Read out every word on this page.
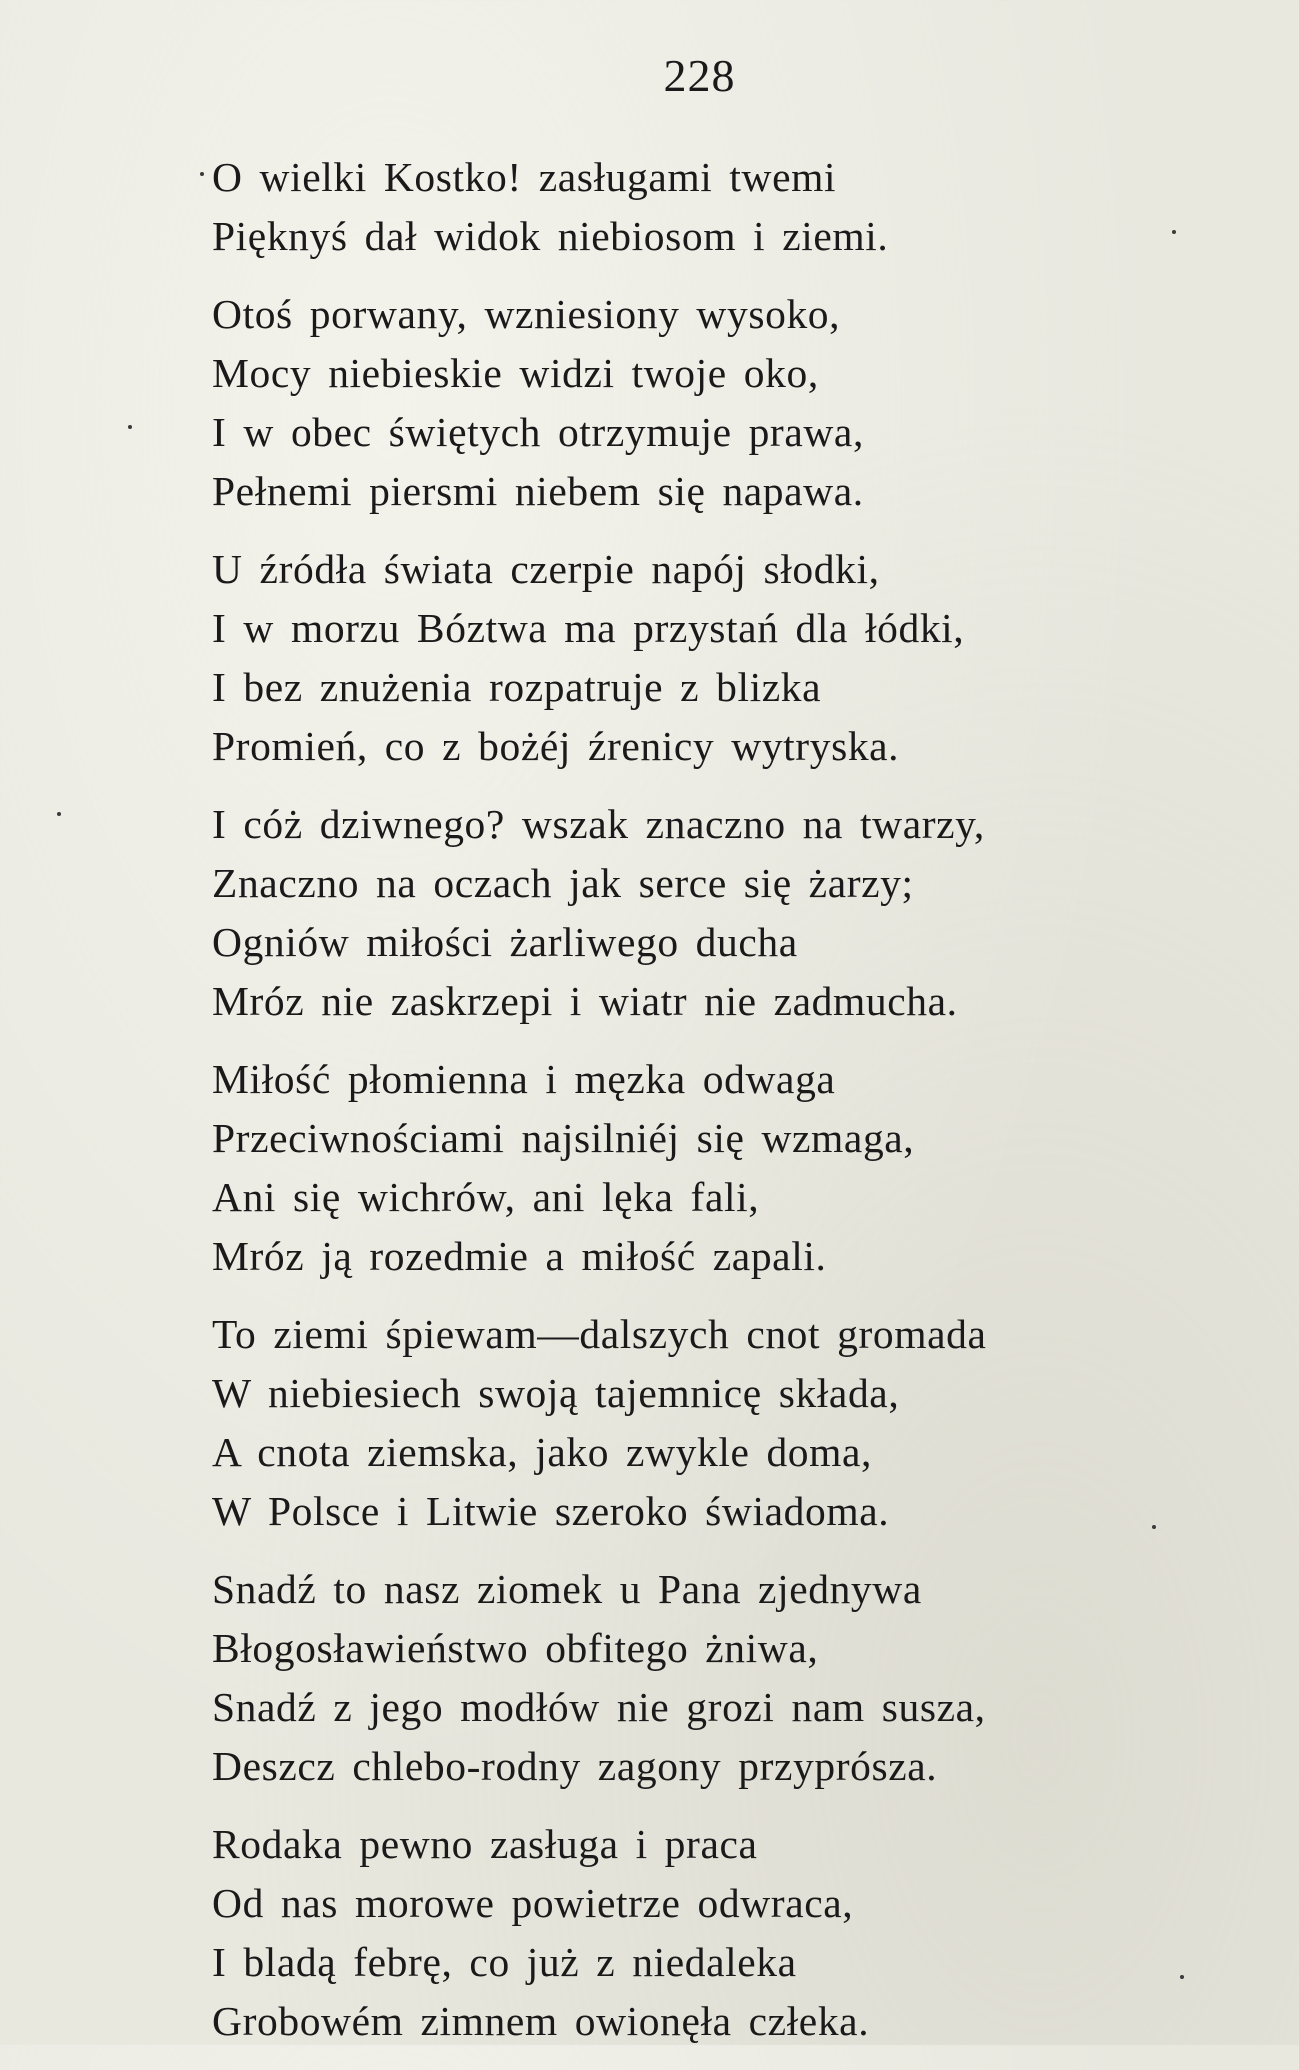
228
O wielki Kostko! zasługami twemi
Pięknyś dał widok niebiosom i ziemi.
Otoś porwany, wzniesiony wysoko,
Mocy niebieskie widzi twoje oko,
I w obec świętych otrzymuje prawa,
Pełnemi piersmi niebem się napawa.
U źródła świata czerpie napój słodki,
I w morzu Bóztwa ma przystań dla łódki,
I bez znużenia rozpatruje z blizka
Promień, co z bożéj źrenicy wytryska.
I cóż dziwnego? wszak znaczno na twarzy,
Znaczno na oczach jak serce się żarzy;
Ogniów miłości żarliwego ducha
Mróz nie zaskrzepi i wiatr nie zadmucha.
Miłość płomienna i męzka odwaga
Przeciwnościami najsilniéj się wzmaga,
Ani się wichrów, ani lęka fali,
Mróz ją rozedmie a miłość zapali.
To ziemi śpiewam—dalszych cnot gromada
W niebiesiech swoją tajemnicę składa,
A cnota ziemska, jako zwykle doma,
W Polsce i Litwie szeroko świadoma.
Snadź to nasz ziomek u Pana zjednywa
Błogosławieństwo obfitego żniwa,
Snadź z jego modłów nie grozi nam susza,
Deszcz chlebo-rodny zagony przyprósza.
Rodaka pewno zasługa i praca
Od nas morowe powietrze odwraca,
I bladą febrę, co już z niedaleka
Grobowém zimnem owionęła człeka.
